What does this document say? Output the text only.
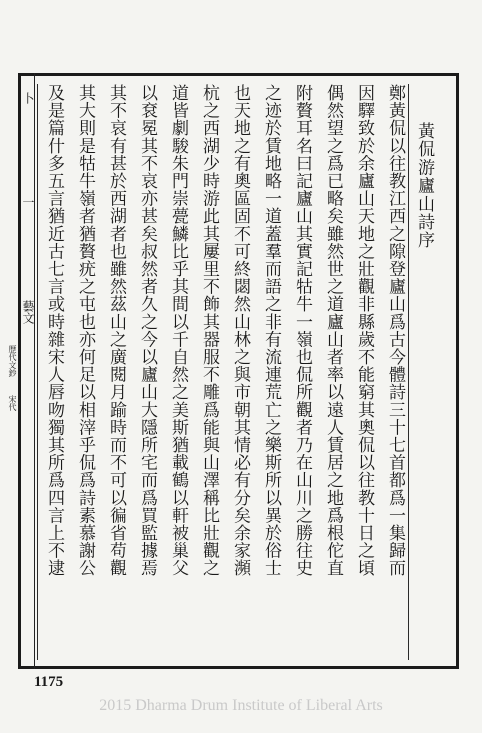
卜
一
藝文
歷代文鈔
宋代 及是篇什多五言猶近古七言或時雜宋人唇吻獨其所爲四言上不逮 其大則是牯牛嶺者猶贅疣之屯也亦何足以相滓乎侃爲詩素慕謝公 其不哀有甚於西湖者也雖然茲山之廣閱月踰時而不可以徧省苟觀 以袞冕其不哀亦甚矣叔然者久之今以廬山大隱所宅而爲買監據焉 道皆劇駿朱門崇甍鱗比乎其間以千自然之美斯猶載鶴以軒被巢父 杭之西湖少時游此其屢里不飾其器服不雕爲能與山澤稱比壯觀之 也天地之有奧區固不可終閟然山林之與市朝其情必有分矣余家瀕 之迹於賃地略一道蓋羣而語之非有流連荒亡之樂斯所以異於俗士 附贅耳名曰記廬山其實記牯牛一嶺也侃所觀者乃在山川之勝往史 偶然望之爲已略矣雖然世之道廬山者率以遠人賃居之地爲根佗直 因驛致於余廬山天地之壯觀非縣歲不能窮其奧侃以往教十日之頃 鄭黃侃以往教江西之隙登廬山爲古今體詩三十七首都爲一集歸而 黃侃游廬山詩序
1175
2015 Dharma Drum Institute of Liberal Arts
